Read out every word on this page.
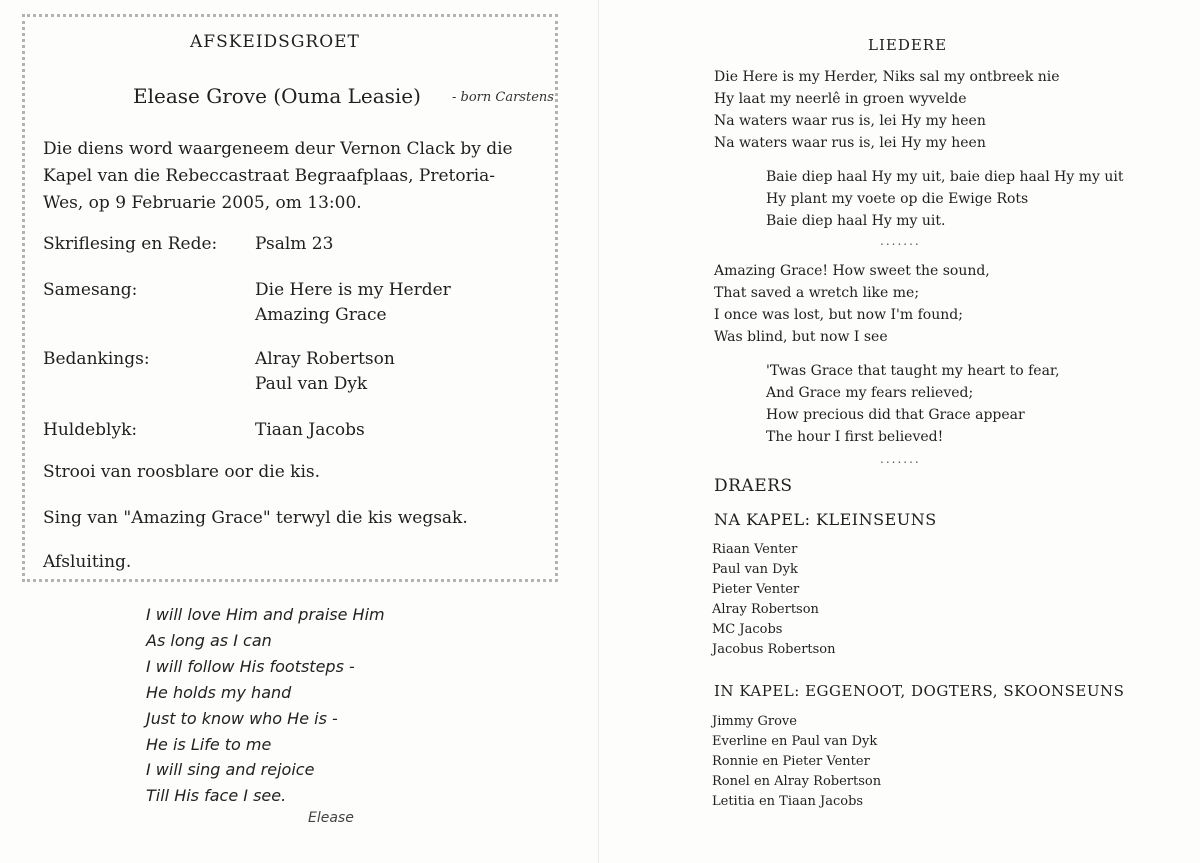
AFSKEIDSGROET
Elease Grove (Ouma Leasie) - born Carstens
Die diens word waargeneem deur Vernon Clack by die
Kapel van die Rebeccastraat Begraafplaas, Pretoria-
Wes, op 9 Februarie 2005, om 13:00.
Skriflesing en Rede: Psalm 23
Samesang:	Die Here is my Herder
Amazing Grace
Bedankings:	Alray Robertson
Paul van Dyk
Huldeblyk:	Tiaan Jacobs
Strooi van roosblare oor die kis.
Sing van "Amazing Grace" terwyl die kis wegsak.
Afsluiting.
I will love Him and praise Him
As long as I can
I will follow His footsteps -
He holds my hand
Just to know who He is -
He is Life to me
I will sing and rejoice
Till His face I see.
Elease
LIEDERE
Die Here is my Herder, Niks sal my ontbreek nie
Hy laat my neerlê in groen wyvelde
Na waters waar rus is, lei Hy my heen
Na waters waar rus is, lei Hy my heen
Baie diep haal Hy my uit, baie diep haal Hy my uit
Hy plant my voete op die Ewige Rots
Baie diep haal Hy my uit.
.......
Amazing Grace! How sweet the sound,
That saved a wretch like me;
I once was lost, but now I'm found;
Was blind, but now I see
'Twas Grace that taught my heart to fear,
And Grace my fears relieved;
How precious did that Grace appear
The hour I first believed!
.......
DRAERS
NA KAPEL: KLEINSEUNS
Riaan Venter
Paul van Dyk
Pieter Venter
Alray Robertson
MC Jacobs
Jacobus Robertson
IN KAPEL: EGGENOOT, DOGTERS, SKOONSEUNS
Jimmy Grove
Everline en Paul van Dyk
Ronnie en Pieter Venter
Ronel en Alray Robertson
Letitia en Tiaan Jacobs
